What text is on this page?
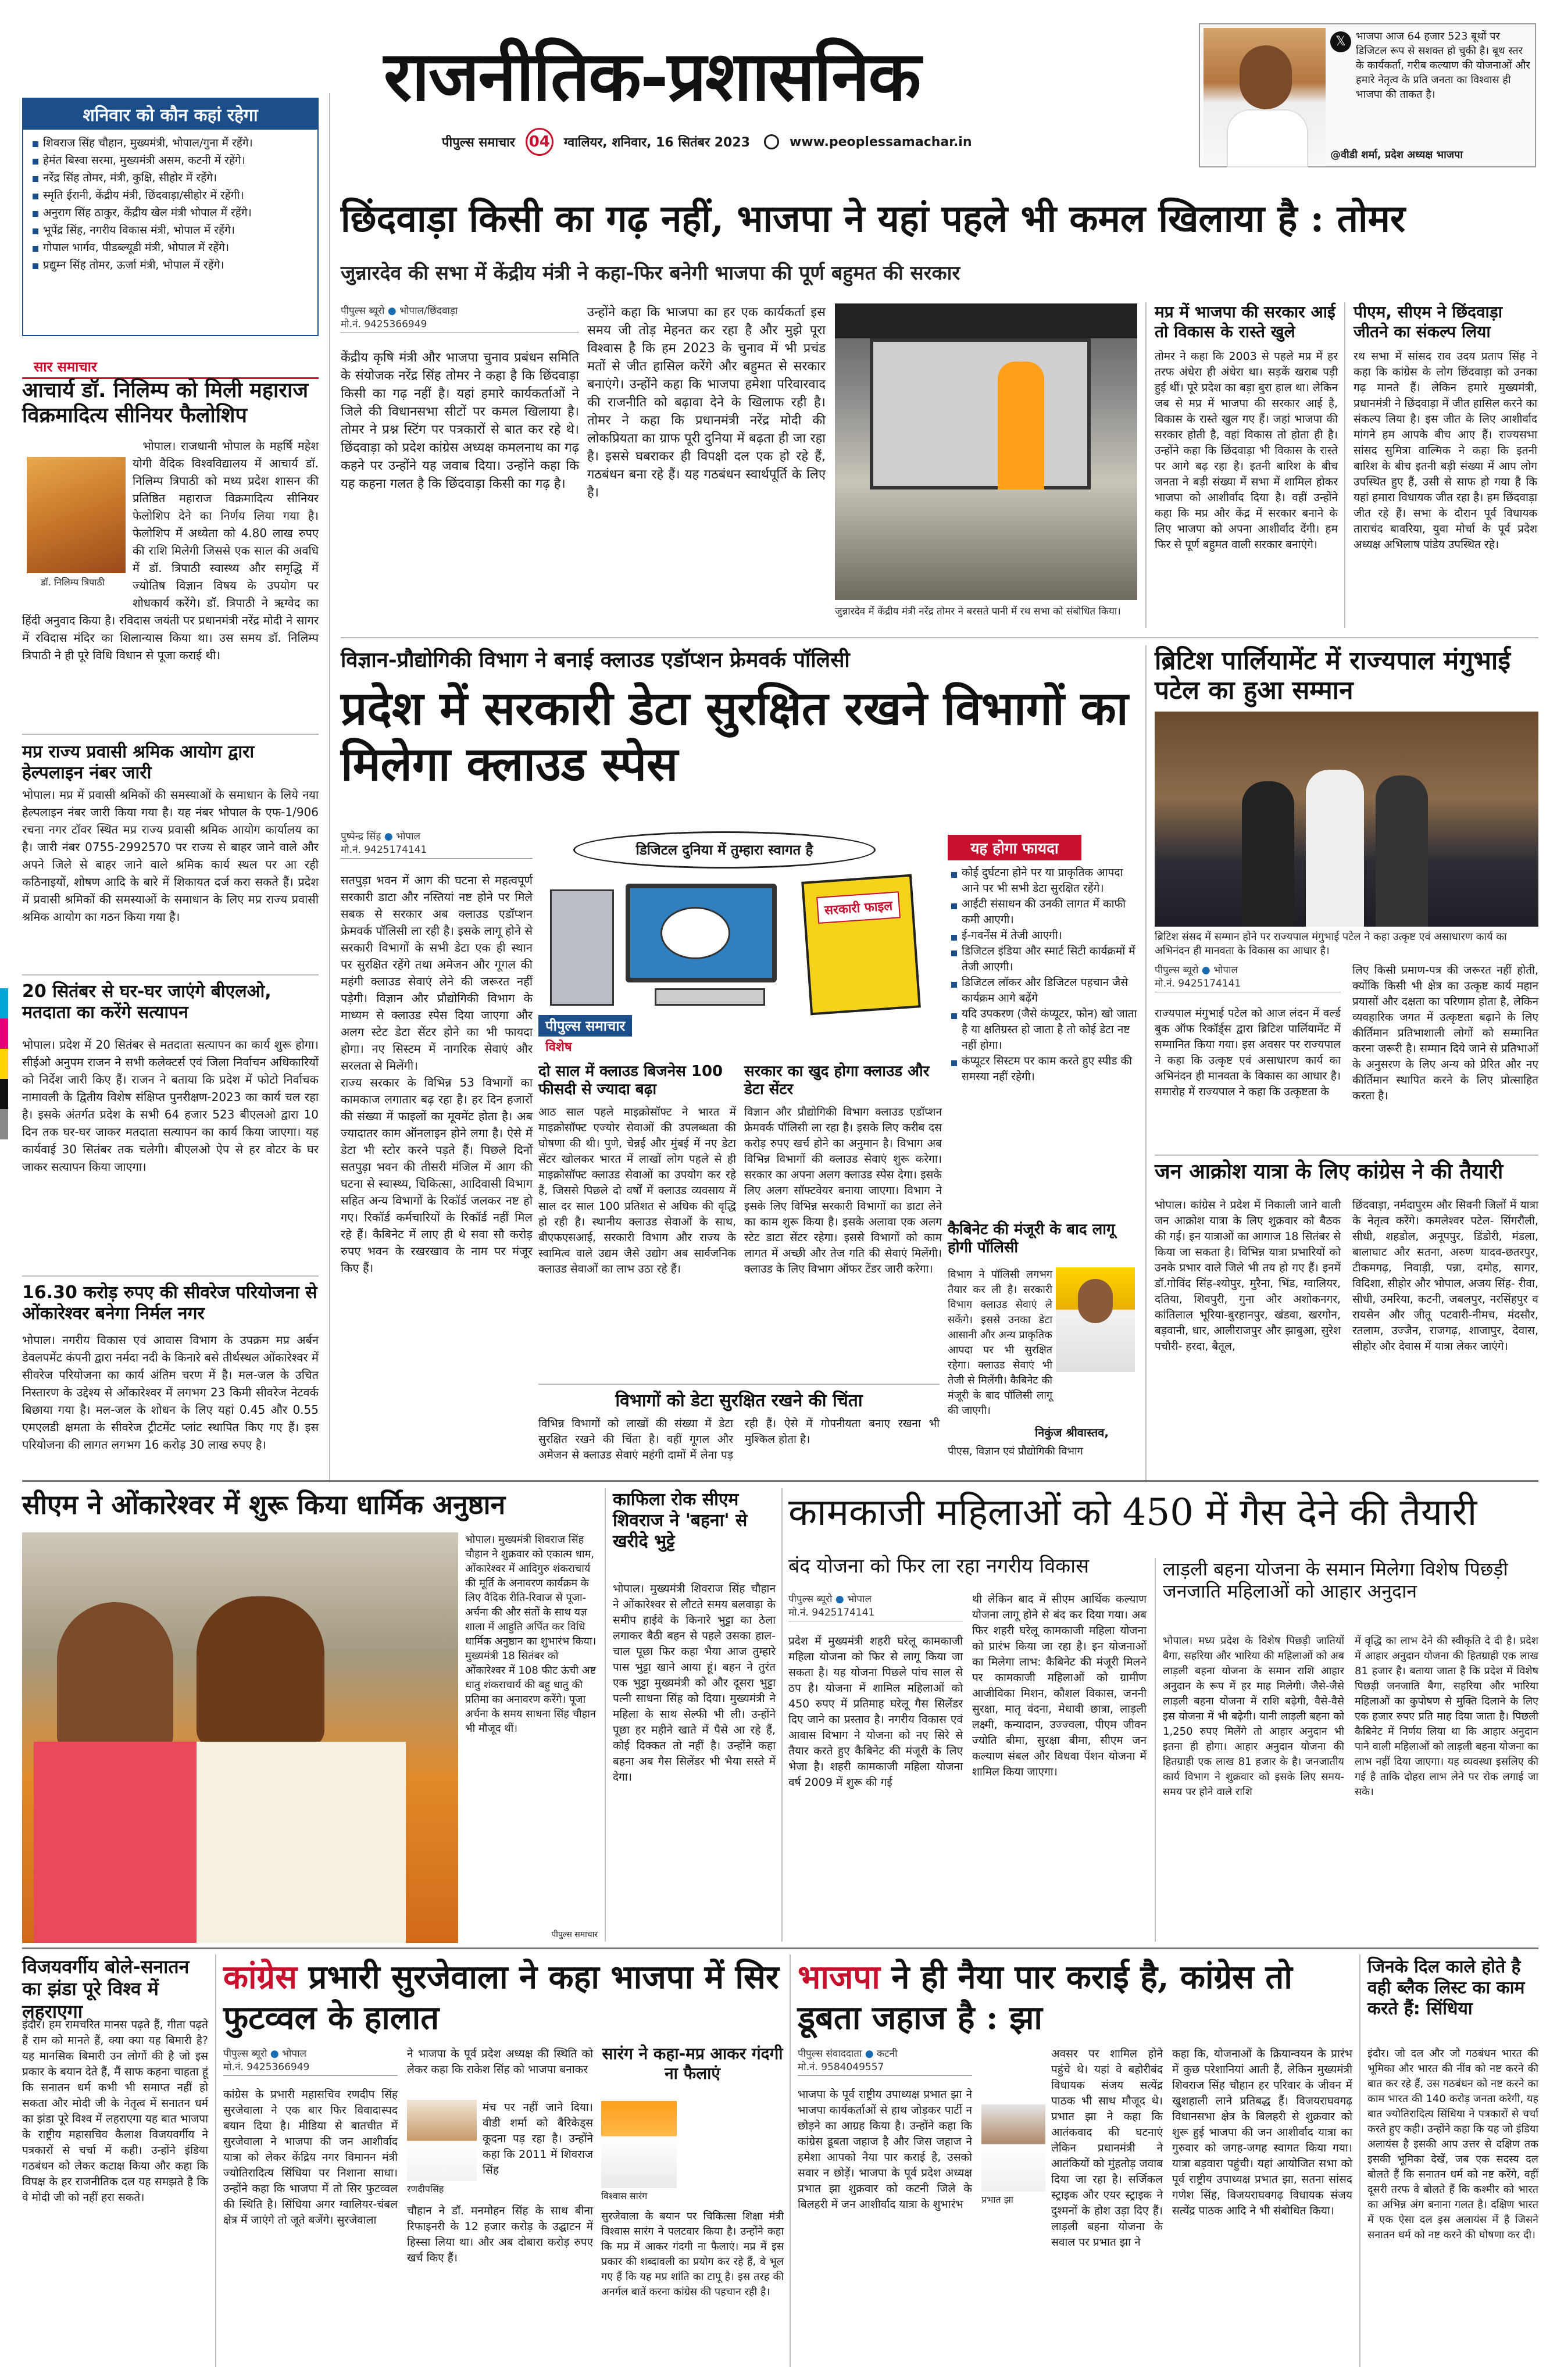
राजनीतिक-प्रशासनिक
पीपुल्स समाचार 04 ग्वालियर, शनिवार, 16 सितंबर 2023	www.peoplessamachar.in
𝕏 भाजपा आज 64 हजार 523 बूथों पर डिजिटल रूप से सशक्त हो चुकी है। बूथ स्तर के कार्यकर्ता, गरीब कल्याण की योजनाओं और हमारे नेतृत्व के प्रति जनता का विश्वास ही भाजपा की ताकत है।
@वीडी शर्मा, प्रदेश अध्यक्ष भाजपा
शनिवार को कौन कहां रहेगा
शिवराज सिंह चौहान, मुख्यमंत्री, भोपाल/गुना में रहेंगे।
हेमंत बिस्वा सरमा, मुख्यमंत्री असम, कटनी में रहेंगे।
नरेंद्र सिंह तोमर, मंत्री, कुक्षि, सीहोर में रहेंगे।
स्मृति ईरानी, केंद्रीय मंत्री, छिंदवाड़ा/सीहोर में रहेंगी।
अनुराग सिंह ठाकुर, केंद्रीय खेल मंत्री भोपाल में रहेंगे।
भूपेंद्र सिंह, नगरीय विकास मंत्री, भोपाल में रहेंगे।
गोपाल भार्गव, पीडब्ल्यूडी मंत्री, भोपाल में रहेंगे।
प्रद्युम्न सिंह तोमर, ऊर्जा मंत्री, भोपाल में रहेंगे।
सार समाचार
आचार्य डॉ. निलिम्प को मिली महाराज विक्रमादित्य सीनियर फैलोशिप
डॉ. निलिम्प त्रिपाठी

भोपाल। राजधानी भोपाल के महर्षि महेश योगी वैदिक विश्वविद्यालय में आचार्य डॉ. निलिम्प त्रिपाठी को मध्य प्रदेश शासन की प्रतिष्ठित महाराज विक्रमादित्य सीनियर फेलोशिप देने का निर्णय लिया गया है। फेलोशिप में अध्येता को 4.80 लाख रुपए की राशि मिलेगी जिससे एक साल की अवधि में डॉ. त्रिपाठी स्वास्थ्य और समृद्धि में ज्योतिष विज्ञान विषय के उपयोग पर शोधकार्य करेंगे। डॉ. त्रिपाठी ने ऋग्वेद का हिंदी अनुवाद किया है। रविदास जयंती पर प्रधानमंत्री नरेंद्र मोदी ने सागर में रविदास मंदिर का शिलान्यास किया था। उस समय डॉ. निलिम्प त्रिपाठी ने ही पूरे विधि विधान से पूजा कराई थी।

मप्र राज्य प्रवासी श्रमिक आयोग द्वारा हेल्पलाइन नंबर जारी
भोपाल। मप्र में प्रवासी श्रमिकों की समस्याओं के समाधान के लिये नया हेल्पलाइन नंबर जारी किया गया है। यह नंबर भोपाल के एफ-1/906 रचना नगर टॉवर स्थित मप्र राज्य प्रवासी श्रमिक आयोग कार्यालय का है। जारी नंबर 0755-2992570 पर राज्य से बाहर जाने वाले और अपने जिले से बाहर जाने वाले श्रमिक कार्य स्थल पर आ रही कठिनाइयों, शोषण आदि के बारे में शिकायत दर्ज करा सकते हैं। प्रदेश में प्रवासी श्रमिकों की समस्याओं के समाधान के लिए मप्र राज्य प्रवासी श्रमिक आयोग का गठन किया गया है।
20 सितंबर से घर-घर जाएंगे बीएलओ, मतदाता का करेंगे सत्यापन
भोपाल। प्रदेश में 20 सितंबर से मतदाता सत्यापन का कार्य शुरू होगा। सीईओ अनुपम राजन ने सभी कलेक्टर्स एवं जिला निर्वाचन अधिकारियों को निर्देश जारी किए हैं। राजन ने बताया कि प्रदेश में फोटो निर्वाचक नामावली के द्वितीय विशेष संक्षिप्त पुनरीक्षण-2023 का कार्य चल रहा है। इसके अंतर्गत प्रदेश के सभी 64 हजार 523 बीएलओ द्वारा 10 दिन तक घर-घर जाकर मतदाता सत्यापन का कार्य किया जाएगा। यह कार्यवाई 30 सितंबर तक चलेगी। बीएलओ ऐप से हर वोटर के घर जाकर सत्यापन किया जाएगा।
16.30 करोड़ रुपए की सीवरेज परियोजना से ओंकारेश्वर बनेगा निर्मल नगर
भोपाल। नगरीय विकास एवं आवास विभाग के उपक्रम मप्र अर्बन डेवलपमेंट कंपनी द्वारा नर्मदा नदी के किनारे बसे तीर्थस्थल ओंकारेश्वर में सीवरेज परियोजना का कार्य अंतिम चरण में है। मल-जल के उचित निस्तारण के उद्देश्य से ओंकारेश्वर में लगभग 23 किमी सीवरेज नेटवर्क बिछाया गया है। मल-जल के शोधन के लिए यहां 0.45 और 0.55 एमएलडी क्षमता के सीवरेज ट्रीटमेंट प्लांट स्थापित किए गए हैं। इस परियोजना की लागत लगभग 16 करोड़ 30 लाख रुपए है।
छिंदवाड़ा किसी का गढ़ नहीं, भाजपा ने यहां पहले भी कमल खिलाया है : तोमर
जुन्नारदेव की सभा में केंद्रीय मंत्री ने कहा-फिर बनेगी भाजपा की पूर्ण बहुमत की सरकार
पीपुल्स ब्यूरो ● भोपाल/छिंदवाड़ा
मो.नं. 9425366949
केंद्रीय कृषि मंत्री और भाजपा चुनाव प्रबंधन समिति के संयोजक नरेंद्र सिंह तोमर ने कहा है कि छिंदवाड़ा किसी का गढ़ नहीं है। यहां हमारे कार्यकर्ताओं ने जिले की विधानसभा सीटों पर कमल खिलाया है। तोमर ने प्रश्न स्टिंग पर पत्रकारों से बात कर रहे थे। छिंदवाड़ा को प्रदेश कांग्रेस अध्यक्ष कमलनाथ का गढ़ कहने पर उन्होंने यह जवाब दिया। उन्होंने कहा कि यह कहना गलत है कि छिंदवाड़ा किसी का गढ़ है।
उन्होंने कहा कि भाजपा का हर एक कार्यकर्ता इस समय जी तोड़ मेहनत कर रहा है और मुझे पूरा विश्वास है कि हम 2023 के चुनाव में भी प्रचंड मतों से जीत हासिल करेंगे और बहुमत से सरकार बनाएंगे। उन्होंने कहा कि भाजपा हमेशा परिवारवाद की राजनीति को बढ़ावा देने के खिलाफ रही है। तोमर ने कहा कि प्रधानमंत्री नरेंद्र मोदी की लोकप्रियता का ग्राफ पूरी दुनिया में बढ़ता ही जा रहा है। इससे घबराकर ही विपक्षी दल एक हो रहे हैं, गठबंधन बना रहे हैं। यह गठबंधन स्वार्थपूर्ति के लिए है।
जुन्नारदेव में केंद्रीय मंत्री नरेंद्र तोमर ने बरसते पानी में रथ सभा को संबोधित किया।
मप्र में भाजपा की सरकार आई तो विकास के रास्ते खुले
तोमर ने कहा कि 2003 से पहले मप्र में हर तरफ अंधेरा ही अंधेरा था। सड़कें खराब पड़ी हुई थीं। पूरे प्रदेश का बड़ा बुरा हाल था। लेकिन जब से मप्र में भाजपा की सरकार आई है, विकास के रास्ते खुल गए हैं। जहां भाजपा की सरकार होती है, वहां विकास तो होता ही है। उन्होंने कहा कि छिंदवाड़ा भी विकास के रास्ते पर आगे बढ़ रहा है। इतनी बारिश के बीच जनता ने बड़ी संख्या में सभा में शामिल होकर भाजपा को आशीर्वाद दिया है। वहीं उन्होंने कहा कि मप्र और केंद्र में सरकार बनाने के लिए भाजपा को अपना आशीर्वाद देंगी। हम फिर से पूर्ण बहुमत वाली सरकार बनाएंगे।
पीएम, सीएम ने छिंदवाड़ा जीतने का संकल्प लिया
रथ सभा में सांसद राव उदय प्रताप सिंह ने कहा कि कांग्रेस के लोग छिंदवाड़ा को उनका गढ़ मानते हैं। लेकिन हमारे मुख्यमंत्री, प्रधानमंत्री ने छिंदवाड़ा में जीत हासिल करने का संकल्प लिया है। इस जीत के लिए आशीर्वाद मांगने हम आपके बीच आए हैं। राज्यसभा सांसद सुमित्रा वाल्मिक ने कहा कि इतनी बारिश के बीच इतनी बड़ी संख्या में आप लोग उपस्थित हुए हैं, उसी से साफ हो गया है कि यहां हमारा विधायक जीत रहा है। हम छिंदवाड़ा जीत रहे हैं। सभा के दौरान पूर्व विधायक ताराचंद बावरिया, युवा मोर्चा के पूर्व प्रदेश अध्यक्ष अभिलाष पांडेय उपस्थित रहे।
विज्ञान-प्रौद्योगिकी विभाग ने बनाई क्लाउड एडॉप्शन फ्रेमवर्क पॉलिसी
प्रदेश में सरकारी डेटा सुरक्षित रखने विभागों का मिलेगा क्लाउड स्पेस
पुष्पेन्द्र सिंह ● भोपाल
मो.नं. 9425174141	डिजिटल दुनिया में तुम्हारा स्वागत है
सरकारी फाइल
पीपुल्स समाचार
विशेष
सतपुड़ा भवन में आग की घटना से महत्वपूर्ण सरकारी डाटा और नस्तियां नष्ट होने पर मिले सबक से सरकार अब क्लाउड एडॉप्शन फ्रेमवर्क पॉलिसी ला रही है। इसके लागू होने से सरकारी विभागों के सभी डेटा एक ही स्थान पर सुरक्षित रहेंगे तथा अमेजन और गूगल की महंगी क्लाउड सेवाएं लेने की जरूरत नहीं पड़ेगी। विज्ञान और प्रौद्योगिकी विभाग के माध्यम से क्लाउड स्पेस दिया जाएगा और अलग स्टेट डेटा सेंटर होने का भी फायदा होगा। नए सिस्टम में नागरिक सेवाएं और सरलता से मिलेंगी।
राज्य सरकार के विभिन्न 53 विभागों का कामकाज लगातार बढ़ रहा है। हर दिन हजारों की संख्या में फाइलों का मूवमेंट होता है। अब ज्यादातर काम ऑनलाइन होने लगा है। ऐसे में डेटा भी स्टोर करने पड़ते हैं। पिछले दिनों सतपुड़ा भवन की तीसरी मंजिल में आग की घटना से स्वास्थ्य, चिकित्सा, आदिवासी विभाग सहित अन्य विभागों के रिकॉर्ड जलकर नष्ट हो गए। रिकॉर्ड कर्मचारियों के रिकॉर्ड नहीं मिल रहे हैं। कैबिनेट में लाए ही थे सवा सौ करोड़ रुपए भवन के रखरखाव के नाम पर मंजूर किए हैं।
यह होगा फायदा
कोई दुर्घटना होने पर या प्राकृतिक आपदा आने पर भी सभी डेटा सुरक्षित रहेंगे।
आईटी संसाधन की उनकी लागत में काफी कमी आएगी।
ई-गवर्नेंस में तेजी आएगी।
डिजिटल इंडिया और स्मार्ट सिटी कार्यक्रमों में तेजी आएगी।
डिजिटल लॉकर और डिजिटल पहचान जैसे कार्यक्रम आगे बढ़ेंगे
यदि उपकरण (जैसे कंप्यूटर, फोन) खो जाता है या क्षतिग्रस्त हो जाता है तो कोई डेटा नष्ट नहीं होगा।
कंप्यूटर सिस्टम पर काम करते हुए स्पीड की समस्या नहीं रहेगी।
दो साल में क्लाउड बिजनेस 100 फीसदी से ज्यादा बढ़ा
आठ साल पहले माइक्रोसॉफ्ट ने भारत में माइक्रोसॉफ्ट एज्योर सेवाओं की उपलब्धता की घोषणा की थी। पुणे, चेन्नई और मुंबई में नए डेटा सेंटर खोलकर भारत में लाखों लोग पहले से ही माइक्रोसॉफ्ट क्लाउड सेवाओं का उपयोग कर रहे हैं, जिससे पिछले दो वर्षों में क्लाउड व्यवसाय में साल दर साल 100 प्रतिशत से अधिक की वृद्धि हो रही है। स्थानीय क्लाउड सेवाओं के साथ, बीएफएसआई, सरकारी विभाग और राज्य के स्वामित्व वाले उद्यम जैसे उद्योग अब सार्वजनिक क्लाउड सेवाओं का लाभ उठा रहे हैं।
सरकार का खुद होगा क्लाउड और डेटा सेंटर
विज्ञान और प्रौद्योगिकी विभाग क्लाउड एडॉप्शन फ्रेमवर्क पॉलिसी ला रहा है। इसके लिए करीब दस करोड़ रुपए खर्च होने का अनुमान है। विभाग अब विभिन्न विभागों की क्लाउड सेवाएं शुरू करेगा। सरकार का अपना अलग क्लाउड स्पेस देगा। इसके लिए अलग सॉफ्टवेयर बनाया जाएगा। विभाग ने इसके लिए विभिन्न सरकारी विभागों का डाटा लेने का काम शुरू किया है। इसके अलावा एक अलग स्टेट डाटा सेंटर रहेगा। इससे विभागों को काम लागत में अच्छी और तेज गति की सेवाएं मिलेंगी। क्लाउड के लिए विभाग ऑफर टेंडर जारी करेगा।
कैबिनेट की मंजूरी के बाद लागू होगी पॉलिसी
विभाग ने पॉलिसी लगभग तैयार कर ली है। सरकारी विभाग क्लाउड सेवाएं ले सकेंगे। इससे उनका डेटा आसानी और अन्य प्राकृतिक आपदा पर भी सुरक्षित रहेगा। क्लाउड सेवाएं भी तेजी से मिलेंगी। कैबिनेट की मंजूरी के बाद पॉलिसी लागू की जाएगी।
निकुंज श्रीवास्तव,
पीएस, विज्ञान एवं प्रौद्योगिकी विभाग
विभागों को डेटा सुरक्षित रखने की चिंता
विभिन्न विभागों को लाखों की संख्या में डेटा सुरक्षित रखने की चिंता है। वहीं गूगल और अमेजन से क्लाउड सेवाएं महंगी दामों में लेना पड़ रही हैं। ऐसे में गोपनीयता बनाए रखना भी मुश्किल होता है।
ब्रिटिश पार्लियामेंट में राज्यपाल मंगुभाई पटेल का हुआ सम्मान
ब्रिटिश संसद में सम्मान होने पर राज्यपाल मंगुभाई पटेल ने कहा उत्कृष्ट एवं असाधारण कार्य का अभिनंदन ही मानवता के विकास का आधार है।
पीपुल्स ब्यूरो ● भोपाल
मो.नं. 9425174141
राज्यपाल मंगुभाई पटेल को आज लंदन में वर्ल्ड बुक ऑफ रिकॉर्ड्स द्वारा ब्रिटिश पार्लियामेंट में सम्मानित किया गया। इस अवसर पर राज्यपाल ने कहा कि उत्कृष्ट एवं असाधारण कार्य का अभिनंदन ही मानवता के विकास का आधार है। समारोह में राज्यपाल ने कहा कि उत्कृष्टता के
लिए किसी प्रमाण-पत्र की जरूरत नहीं होती, क्योंकि किसी भी क्षेत्र का उत्कृष्ट कार्य महान प्रयासों और दक्षता का परिणाम होता है, लेकिन व्यवहारिक जगत में उत्कृष्टता बढ़ाने के लिए कीर्तिमान प्रतिभाशाली लोगों को सम्मानित करना जरूरी है। सम्मान दिये जाने से प्रतिभाओं के अनुसरण के लिए अन्य को प्रेरित और नए कीर्तिमान स्थापित करने के लिए प्रोत्साहित करता है।
जन आक्रोश यात्रा के लिए कांग्रेस ने की तैयारी
भोपाल। कांग्रेस ने प्रदेश में निकाली जाने वाली जन आक्रोश यात्रा के लिए शुक्रवार को बैठक की गई। इन यात्राओं का आगाज 18 सितंबर से किया जा सकता है। विभिन्न यात्रा प्रभारियों को उनके प्रभार वाले जिले भी तय हो गए हैं। इनमें डॉ.गोविंद सिंह-श्योपुर, मुरैना, भिंड, ग्वालियर, दतिया, शिवपुरी, गुना और अशोकनगर, कांतिलाल भूरिया-बुरहानपुर, खंडवा, खरगोन, बड़वानी, धार, आलीराजपुर और झाबुआ, सुरेश पचौरी- हरदा, बैतूल,
छिंदवाड़ा, नर्मदापुरम और सिवनी जिलों में यात्रा के नेतृत्व करेंगे। कमलेश्वर पटेल- सिंगरौली, सीधी, शहडोल, अनूपपुर, डिंडोरी, मंडला, बालाघाट और सतना, अरुण यादव-छतरपुर, टीकमगढ़, निवाड़ी, पन्ना, दमोह, सागर, विदिशा, सीहोर और भोपाल, अजय सिंह- रीवा, सीधी, उमरिया, कटनी, जबलपुर, नरसिंहपुर व रायसेन और जीतू पटवारी-नीमच, मंदसौर, रतलाम, उज्जैन, राजगढ़, शाजापुर, देवास, सीहोर और देवास में यात्रा लेकर जाएंगे।
सीएम ने ओंकारेश्वर में शुरू किया धार्मिक अनुष्ठान
भोपाल। मुख्यमंत्री शिवराज सिंह चौहान ने शुक्रवार को एकात्म धाम, ओंकारेश्वर में आदिगुरु शंकराचार्य की मूर्ति के अनावरण कार्यक्रम के लिए वैदिक रीति-रिवाज से पूजा-अर्चना की और संतों के साथ यज्ञ शाला में आहुति अर्पित कर विधि धार्मिक अनुष्ठान का शुभारंभ किया। मुख्यमंत्री 18 सितंबर को ओंकारेश्वर में 108 फीट ऊंची अष्ट धातु शंकराचार्य की बहु धातु की प्रतिमा का अनावरण करेंगे। पूजा अर्चना के समय साधना सिंह चौहान भी मौजूद थीं।
पीपुल्स समाचार
काफिला रोक सीएम शिवराज ने 'बहना' से खरीदे भुट्टे
भोपाल। मुख्यमंत्री शिवराज सिंह चौहान ने ओंकारेश्वर से लौटते समय बलवाड़ा के समीप हाईवे के किनारे भुट्टा का ठेला लगाकर बैठी बहन से पहले उसका हाल-चाल पूछा फिर कहा भैया आज तुम्हारे पास भुट्टा खाने आया हूं। बहन ने तुरंत एक भुट्टा मुख्यमंत्री को और दूसरा भुट्टा पत्नी साधना सिंह को दिया। मुख्यमंत्री ने महिला के साथ सेल्फी भी ली। उन्होंने पूछा हर महीने खाते में पैसे आ रहे हैं, कोई दिक्कत तो नहीं है। उन्होंने कहा बहना अब गैस सिलेंडर भी भैया सस्ते में देगा।
कामकाजी महिलाओं को 450 में गैस देने की तैयारी
बंद योजना को फिर ला रहा नगरीय विकास
पीपुल्स ब्यूरो ● भोपाल
मो.नं. 9425174141
प्रदेश में मुख्यमंत्री शहरी घरेलू कामकाजी महिला योजना को फिर से लागू किया जा सकता है। यह योजना पिछले पांच साल से ठप है। योजना में शामिल महिलाओं को 450 रुपए में प्रतिमाह घरेलू गैस सिलेंडर दिए जाने का प्रस्ताव है। नगरीय विकास एवं आवास विभाग ने योजना को नए सिरे से तैयार करते हुए कैबिनेट की मंजूरी के लिए भेजा है। शहरी कामकाजी महिला योजना वर्ष 2009 में शुरू की गई
थी लेकिन बाद में सीएम आर्थिक कल्याण योजना लागू होने से बंद कर दिया गया। अब फिर शहरी घरेलू कामकाजी महिला योजना को प्रारंभ किया जा रहा है। इन योजनाओं का मिलेगा लाभ: कैबिनेट की मंजूरी मिलने पर कामकाजी महिलाओं को ग्रामीण आजीविका मिशन, कौशल विकास, जननी सुरक्षा, मातृ वंदना, मेधावी छात्रा, लाड़ली लक्ष्मी, कन्यादान, उज्ज्वला, पीएम जीवन ज्योति बीमा, सुरक्षा बीमा, सीएम जन कल्याण संबल और विधवा पेंशन योजना में शामिल किया जाएगा।
लाड़ली बहना योजना के समान मिलेगा विशेष पिछड़ी जनजाति महिलाओं को आहार अनुदान
भोपाल। मध्य प्रदेश के विशेष पिछड़ी जातियों बैगा, सहरिया और भारिया की महिलाओं को अब लाड़ली बहना योजना के समान राशि आहार अनुदान के रूप में हर माह मिलेगी। जैसे-जैसे लाड़ली बहना योजना में राशि बढ़ेगी, वैसे-वैसे इस योजना में भी बढ़ेगी। यानी लाड़ली बहना को 1,250 रुपए मिलेंगे तो आहार अनुदान भी इतना ही होगा। आहार अनुदान योजना की हितग्राही एक लाख 81 हजार के है। जनजातीय कार्य विभाग ने शुक्रवार को इसके लिए समय-समय पर होने वाले राशि
में वृद्धि का लाभ देने की स्वीकृति दे दी है। प्रदेश में आहार अनुदान योजना की हितग्राही एक लाख 81 हजार है। बताया जाता है कि प्रदेश में विशेष पिछड़ी जनजाति बैगा, सहरिया और भारिया महिलाओं का कुपोषण से मुक्ति दिलाने के लिए एक हजार रुपए प्रति माह दिया जाता है। पिछली कैबिनेट में निर्णय लिया था कि आहार अनुदान पाने वाली महिलाओं को लाड़ली बहना योजना का लाभ नहीं दिया जाएगा। यह व्यवस्था इसलिए की गई है ताकि दोहरा लाभ लेने पर रोक लगाई जा सके।
विजयवर्गीय बोले-सनातन का झंडा पूरे विश्व में लहराएगा
इंदौर। हम रामचरित मानस पढ़ते हैं, गीता पढ़ते हैं राम को मानते हैं, क्या क्या यह बिमारी है? यह मानसिक बिमारी उन लोगों की है जो इस प्रकार के बयान देते हैं, मैं साफ कहना चाहता हूं कि सनातन धर्म कभी भी समाप्त नहीं हो सकता और मोदी जी के नेतृत्व में सनातन धर्म का झंडा पूरे विश्व में लहराएगा यह बात भाजपा के राष्ट्रीय महासचिव कैलाश विजयवर्गीय ने पत्रकारों से चर्चा में कही। उन्होंने इंडिया गठबंधन को लेकर कटाक्ष किया और कहा कि विपक्ष के हर राजनीतिक दल यह समझते है कि वे मोदी जी को नहीं हरा सकते।
कांग्रेस प्रभारी सुरजेवाला ने कहा भाजपा में सिर फुटव्वल के हालात
पीपुल्स ब्यूरो ● भोपाल
मो.नं. 9425366949
कांग्रेस के प्रभारी महासचिव रणदीप सिंह सुरजेवाला ने एक बार फिर विवादास्पद बयान दिया है। मीडिया से बातचीत में सुरजेवाला ने भाजपा की जन आशीर्वाद यात्रा को लेकर केंद्रिय नगर विमानन मंत्री ज्योतिरादित्य सिंधिया पर निशाना साधा। उन्होंने कहा कि भाजपा में तो सिर फुटव्वल की स्थिति है। सिंधिया अगर ग्वालियर-चंबल क्षेत्र में जाएंगे तो जूते बजेंगे। सुरजेवाला
ने भाजपा के पूर्व प्रदेश अध्यक्ष की स्थिति को लेकर कहा कि राकेश सिंह को भाजपा बनाकर
रणदीपसिंह
मंच पर नहीं जाने दिया। वीडी शर्मा को बैरिकेड्स कूदना पड़ रहा है। उन्होंने कहा कि 2011 में शिवराज सिंह
चौहान ने डॉ. मनमोहन सिंह के साथ बीना रिफाइनरी के 12 हजार करोड़ के उद्घाटन में हिस्सा लिया था। और अब दोबारा करोड़ रुपए खर्च किए हैं।
सारंग ने कहा-मप्र आकर गंदगी ना फैलाएं
विश्वास सारंग
सुरजेवाला के बयान पर चिकित्सा शिक्षा मंत्री विश्वास सारंग ने पलटवार किया है। उन्होंने कहा कि मप्र में आकर गंदगी ना फैलाएं। मप्र में इस प्रकार की शब्दावली का प्रयोग कर रहे हैं, वे भूल गए हैं कि यह मप्र शांति का टापू है। इस तरह की अनर्गल बातें करना कांग्रेस की पहचान रही है।
भाजपा ने ही नैया पार कराई है, कांग्रेस तो डूबता जहाज है : झा
पीपुल्स संवाददाता ● कटनी
मो.नं. 9584049557
भाजपा के पूर्व राष्ट्रीय उपाध्यक्ष प्रभात झा ने भाजपा कार्यकर्ताओं से हाथ जोड़कर पार्टी न छोड़ने का आग्रह किया है। उन्होंने कहा कि कांग्रेस डूबता जहाज है और जिस जहाज ने हमेशा आपको नैया पार कराई है, उसको सवार न छोड़ें। भाजपा के पूर्व प्रदेश अध्यक्ष प्रभात झा शुक्रवार को कटनी जिले के बिलहरी में जन आशीर्वाद यात्रा के शुभारंभ	प्रभात झा
अवसर पर शामिल होने पहुंचे थे। यहां वे बहोरीबंद विधायक संजय सत्येंद्र पाठक भी साथ मौजूद थे। प्रभात झा ने कहा कि आतंकवाद की घटनाएं लेकिन प्रधानमंत्री ने आतंकियों को मुंहतोड़ जवाब दिया जा रहा है। सर्जिकल स्ट्राइक और एयर स्ट्राइक ने दुश्मनों के होश उड़ा दिए हैं। लाड़ली बहना योजना के सवाल पर प्रभात झा ने
कहा कि, योजनाओं के क्रियान्वयन के प्रारंभ में कुछ परेशानियां आती हैं, लेकिन मुख्यमंत्री शिवराज सिंह चौहान हर परिवार के जीवन में खुशहाली लाने प्रतिबद्ध हैं। विजयराघवगढ़ विधानसभा क्षेत्र के बिलहरी से शुक्रवार को शुरू हुई भाजपा की जन आशीर्वाद यात्रा का गुरुवार को जगह-जगह स्वागत किया गया। यात्रा बड़वारा पहुंची। यहां आयोजित सभा को पूर्व राष्ट्रीय उपाध्यक्ष प्रभात झा, सतना सांसद गणेश सिंह, विजयराघवगढ़ विधायक संजय सत्येंद्र पाठक आदि ने भी संबोधित किया।
जिनके दिल काले होते है वही ब्लैक लिस्ट का काम करते हैं: सिंधिया
इंदौर। जो दल और जो गठबंधन भारत की भूमिका और भारत की नींव को नष्ट करने की बात कर रहे हैं, उस गठबंधन को नष्ट करने का काम भारत की 140 करोड़ जनता करेगी, यह बात ज्योतिरादित्य सिंधिया ने पत्रकारों से चर्चा करते हुए कही। उन्होंने कहा कि यह जो इंडिया अलायंस है इसकी आप उत्तर से दक्षिण तक इसकी भूमिका देखें, जब एक सदस्य दल बोलते हैं कि सनातन धर्म को नष्ट करेंगे, वहीं दूसरी तरफ वे बोलते हैं कि कश्मीर को भारत का अभिन्न अंग बनाना गलत है। दक्षिण भारत में एक ऐसा दल इस अलायंस में है जिसने सनातन धर्म को नष्ट करने की घोषणा कर दी।
